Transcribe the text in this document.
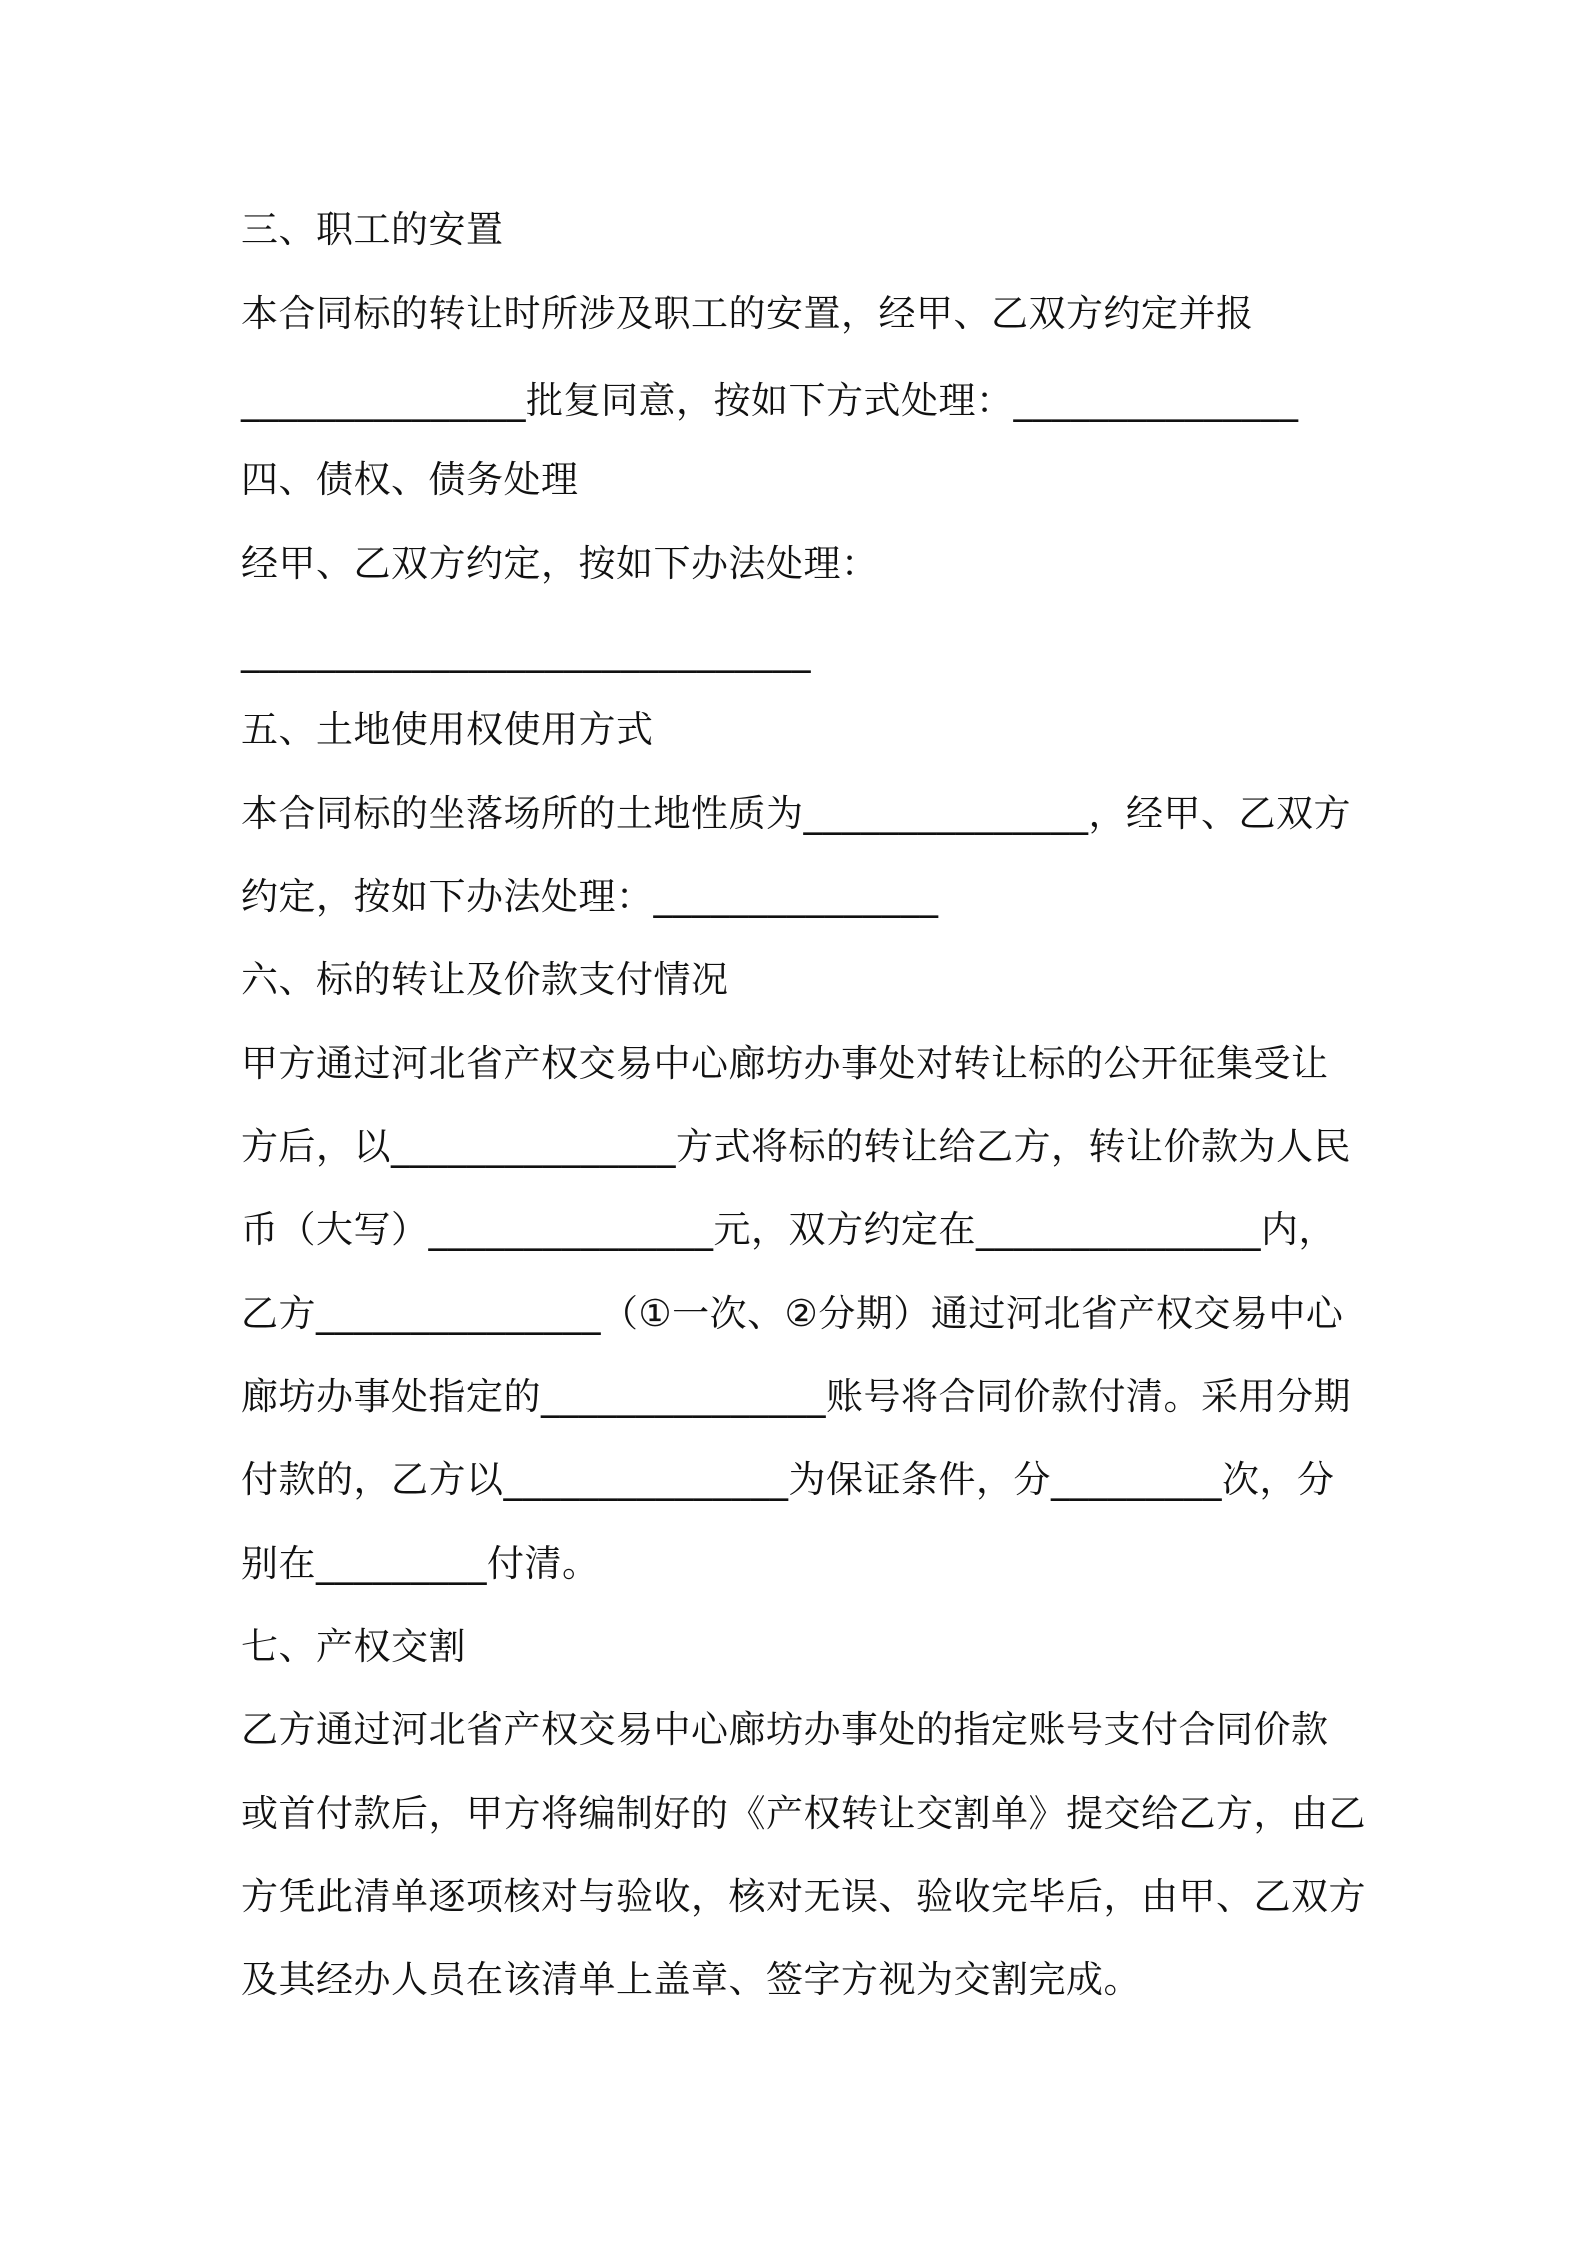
三、职工的安置
本合同标的转让时所涉及职工的安置，经甲、乙双方约定并报
_______________批复同意，按如下方式处理：_______________
四、债权、债务处理
经甲、乙双方约定，按如下办法处理：
______________________________
五、土地使用权使用方式
本合同标的坐落场所的土地性质为_______________，经甲、乙双方
约定，按如下办法处理：_______________
六、标的转让及价款支付情况
甲方通过河北省产权交易中心廊坊办事处对转让标的公开征集受让
方后，以_______________方式将标的转让给乙方，转让价款为人民
币（大写）_______________元，双方约定在_______________内，
乙方_______________（①一次、②分期）通过河北省产权交易中心
廊坊办事处指定的_______________账号将合同价款付清。采用分期
付款的，乙方以_______________为保证条件，分_________次，分
别在_________付清。
七、产权交割
乙方通过河北省产权交易中心廊坊办事处的指定账号支付合同价款
或首付款后，甲方将编制好的《产权转让交割单》提交给乙方，由乙
方凭此清单逐项核对与验收，核对无误、验收完毕后，由甲、乙双方
及其经办人员在该清单上盖章、签字方视为交割完成。
